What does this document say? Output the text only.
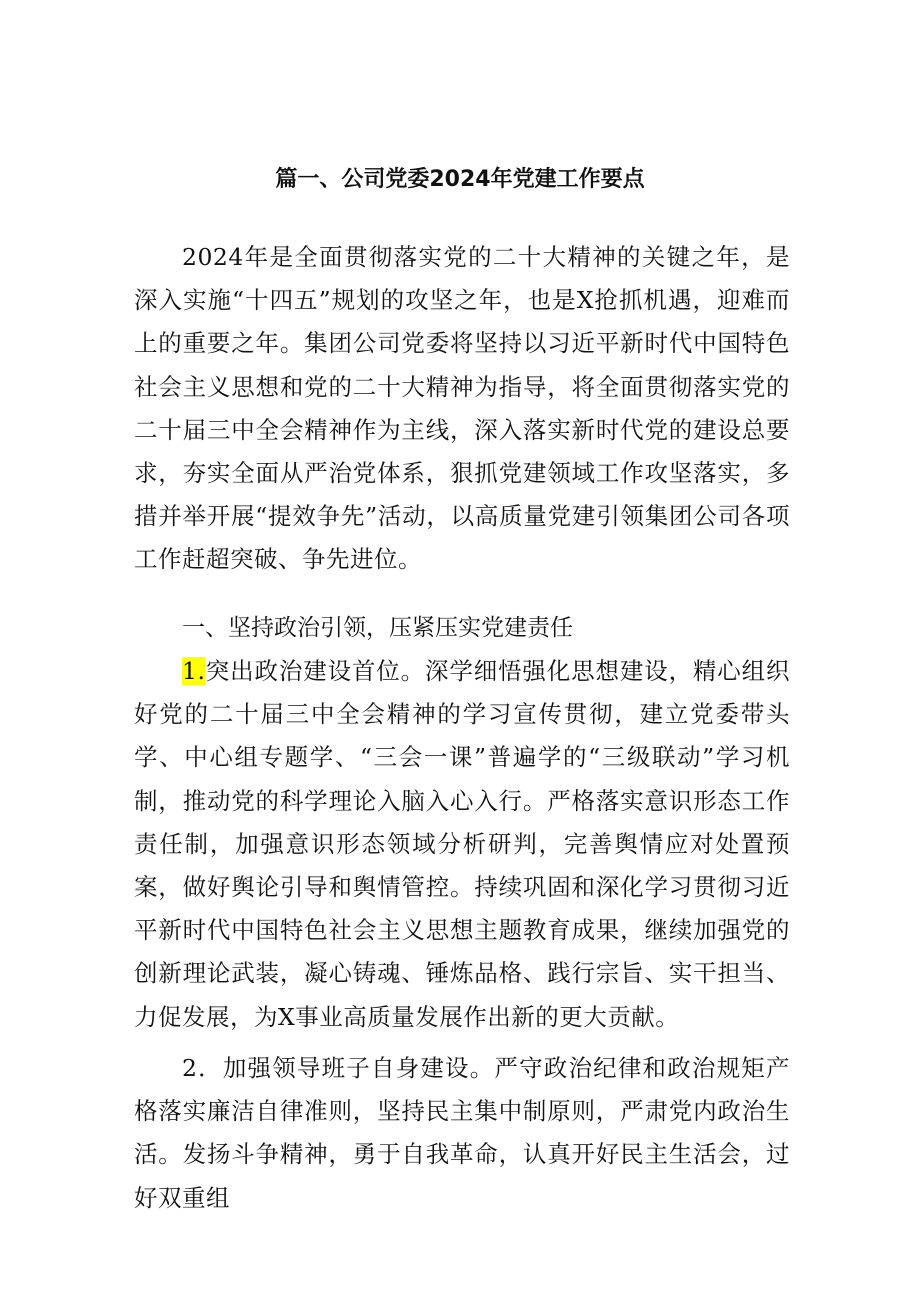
篇一、公司党委2024年党建工作要点
2024年是全面贯彻落实党的二十大精神的关键之年，是深入实施“十四五”规划的攻坚之年，也是X抢抓机遇，迎难而上的重要之年。集团公司党委将坚持以习近平新时代中国特色社会主义思想和党的二十大精神为指导，将全面贯彻落实党的二十届三中全会精神作为主线，深入落实新时代党的建设总要求，夯实全面从严治党体系，狠抓党建领域工作攻坚落实，多措并举开展“提效争先”活动，以高质量党建引领集团公司各项工作赶超突破、争先进位。
一、坚持政治引领，压紧压实党建责任
1.突出政治建设首位。深学细悟强化思想建设，精心组织好党的二十届三中全会精神的学习宣传贯彻，建立党委带头学、中心组专题学、“三会一课”普遍学的“三级联动”学习机制，推动党的科学理论入脑入心入行。严格落实意识形态工作责任制，加强意识形态领域分析研判，完善舆情应对处置预案，做好舆论引导和舆情管控。持续巩固和深化学习贯彻习近平新时代中国特色社会主义思想主题教育成果，继续加强党的创新理论武装，凝心铸魂、锤炼品格、践行宗旨、实干担当、力促发展，为X事业高质量发展作出新的更大贡献。
2．加强领导班子自身建设。严守政治纪律和政治规矩产格落实廉洁自律准则，坚持民主集中制原则，严肃党内政治生活。发扬斗争精神，勇于自我革命，认真开好民主生活会，过好双重组
